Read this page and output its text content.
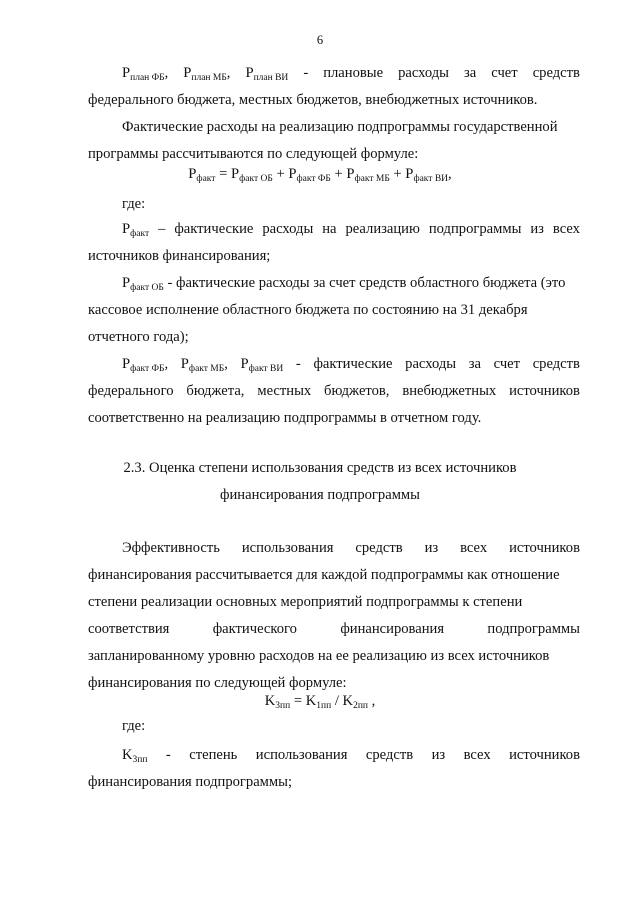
6
$P_{план ФБ}$, $P_{план МБ}$, $P_{план ВИ}$ - плановые расходы за счет средств
федерального бюджета, местных бюджетов, внебюджетных источников.
Фактические расходы на реализацию подпрограммы государственной
программы рассчитываются по следующей формуле:
$P_{факт} = P_{факт ОБ} + P_{факт ФБ} + P_{факт МБ} + P_{факт ВИ}$,
где:
$P_{факт}$ – фактические расходы на реализацию подпрограммы из всех
источников финансирования;
$P_{факт ОБ}$ - фактические расходы за счет средств областного бюджета (это
кассовое исполнение областного бюджета по состоянию на 31 декабря
отчетного года);
$P_{факт ФБ}$, $P_{факт МБ}$, $P_{факт ВИ}$ - фактические расходы за счет средств
федерального бюджета, местных бюджетов, внебюджетных источников
соответственно на реализацию подпрограммы в отчетном году.
2.3. Оценка степени использования средств из всех источников
финансирования подпрограммы
Эффективность использования средств из всех источников
финансирования рассчитывается для каждой подпрограммы как отношение
степени реализации основных мероприятий подпрограммы к степени
соответствия	фактического	финансирования	подпрограммы
запланированному уровню расходов на ее реализацию из всех источников
финансирования по следующей формуле:
$K_{3пп} = K_{1пп} / K_{2пп}$ ,
где:
$K_{3пп}$ - степень использования средств из всех источников
финансирования подпрограммы;
